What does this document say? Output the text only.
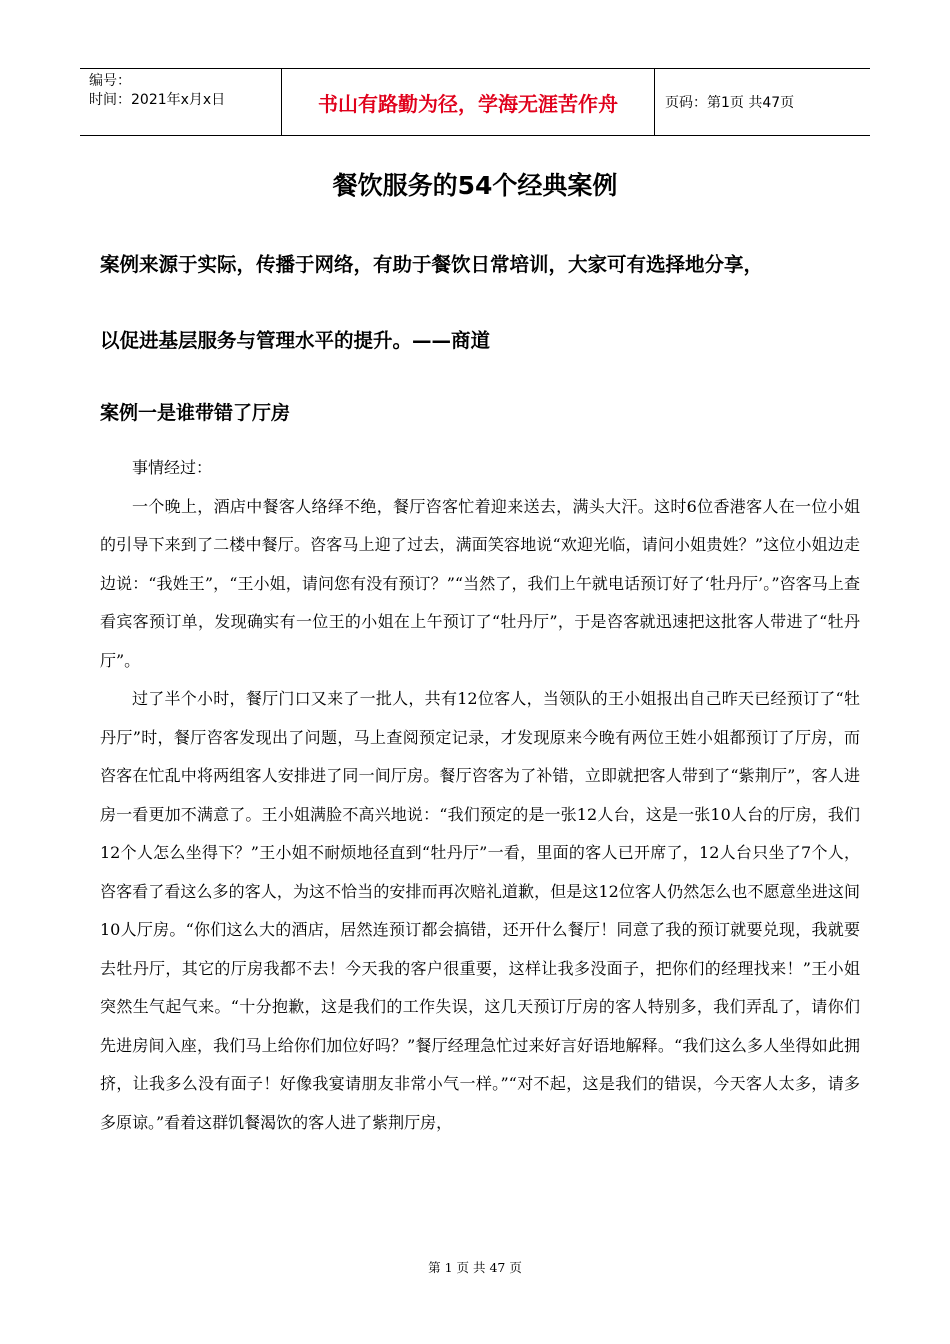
编号：
时间：2021年x月x日	书山有路勤为径，学海无涯苦作舟	页码：第1页 共47页
餐饮服务的54个经典案例
案例来源于实际，传播于网络，有助于餐饮日常培训，大家可有选择地分享，
以促进基层服务与管理水平的提升。——商道
案例一是谁带错了厅房

事情经过：

一个晚上，酒店中餐客人络绎不绝，餐厅咨客忙着迎来送去，满头大汗。这时6位香港客人在一位小姐的引导下来到了二楼中餐厅。咨客马上迎了过去，满面笑容地说“欢迎光临，请问小姐贵姓？”这位小姐边走边说：“我姓王”，“王小姐，请问您有没有预订？”“当然了，我们上午就电话预订好了‘牡丹厅’。”咨客马上查看宾客预订单，发现确实有一位王的小姐在上午预订了“牡丹厅”，于是咨客就迅速把这批客人带进了“牡丹厅”。

过了半个小时，餐厅门口又来了一批人，共有12位客人，当领队的王小姐报出自己昨天已经预订了“牡丹厅”时，餐厅咨客发现出了问题，马上查阅预定记录，才发现原来今晚有两位王姓小姐都预订了厅房，而咨客在忙乱中将两组客人安排进了同一间厅房。餐厅咨客为了补错，立即就把客人带到了“紫荆厅”，客人进房一看更加不满意了。王小姐满脸不高兴地说：“我们预定的是一张12人台，这是一张10人台的厅房，我们12个人怎么坐得下？”王小姐不耐烦地径直到“牡丹厅”一看，里面的客人已开席了，12人台只坐了7个人，咨客看了看这么多的客人，为这不恰当的安排而再次赔礼道歉，但是这12位客人仍然怎么也不愿意坐进这间10人厅房。“你们这么大的酒店，居然连预订都会搞错，还开什么餐厅！同意了我的预订就要兑现，我就要去牡丹厅，其它的厅房我都不去！今天我的客户很重要，这样让我多没面子，把你们的经理找来！”王小姐突然生气起气来。“十分抱歉，这是我们的工作失误，这几天预订厅房的客人特别多，我们弄乱了，请你们先进房间入座，我们马上给你们加位好吗？”餐厅经理急忙过来好言好语地解释。“我们这么多人坐得如此拥挤，让我多么没有面子！好像我宴请朋友非常小气一样。”“对不起，这是我们的错误，今天客人太多，请多多原谅。”看着这群饥餐渴饮的客人进了紫荆厅房，

第 1 页 共 47 页
